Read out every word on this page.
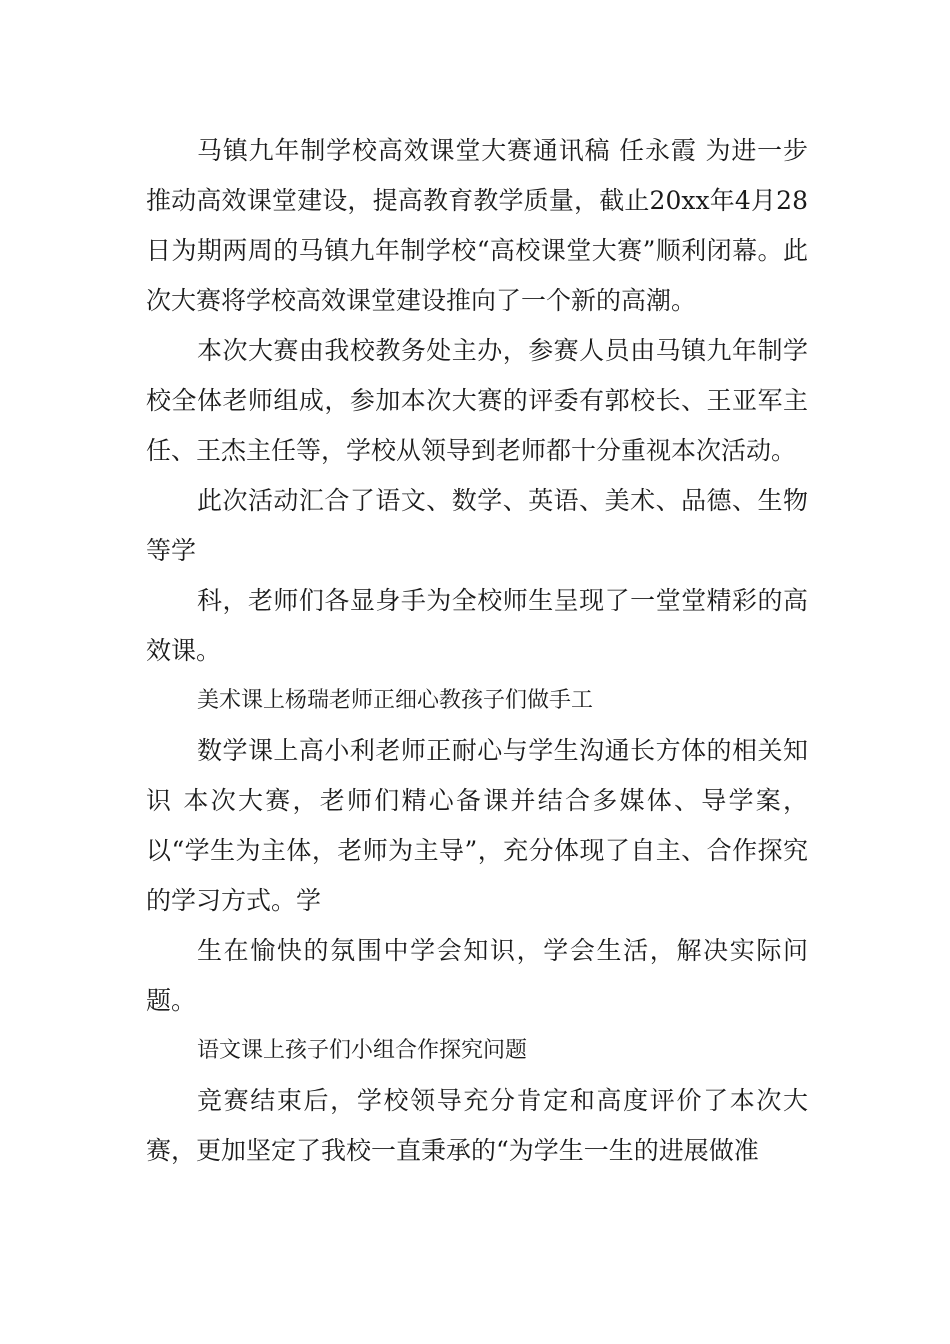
马镇九年制学校高效课堂大赛通讯稿 任永霞 为进一步推动高效课堂建设，提高教育教学质量，截止20xx年4月28日为期两周的马镇九年制学校“高校课堂大赛”顺利闭幕。此次大赛将学校高效课堂建设推向了一个新的高潮。

本次大赛由我校教务处主办，参赛人员由马镇九年制学校全体老师组成，参加本次大赛的评委有郭校长、王亚军主任、王杰主任等，学校从领导到老师都十分重视本次活动。

此次活动汇合了语文、数学、英语、美术、品德、生物等学

科，老师们各显身手为全校师生呈现了一堂堂精彩的高效课。

美术课上杨瑞老师正细心教孩子们做手工

数学课上高小利老师正耐心与学生沟通长方体的相关知识 本次大赛，老师们精心备课并结合多媒体、导学案，以“学生为主体，老师为主导”，充分体现了自主、合作探究的学习方式。学

生在愉快的氛围中学会知识，学会生活，解决实际问题。

语文课上孩子们小组合作探究问题

竞赛结束后，学校领导充分肯定和高度评价了本次大赛，更加坚定了我校一直秉承的“为学生一生的进展做准
